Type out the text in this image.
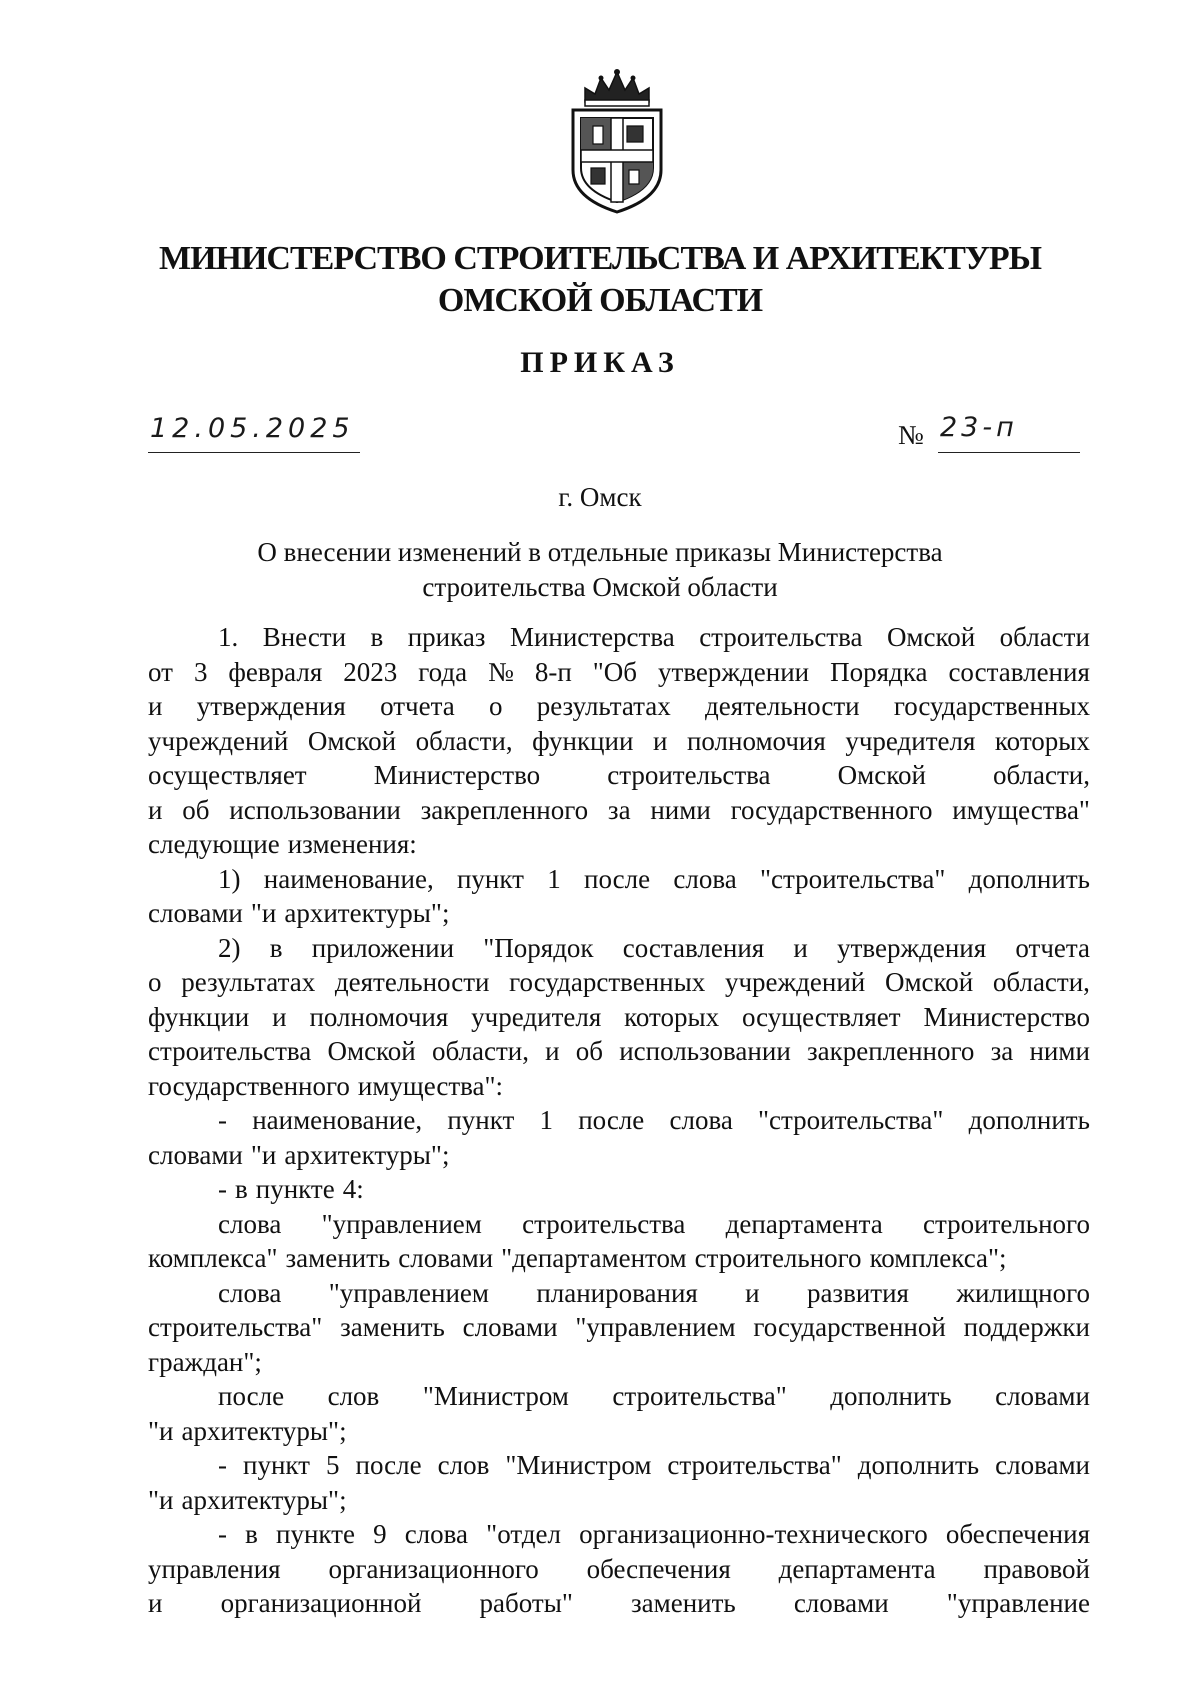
МИНИСТЕРСТВО СТРОИТЕЛЬСТВА И АРХИТЕКТУРЫ
ОМСКОЙ ОБЛАСТИ
ПРИКАЗ
12.05.2025	№ 23-п
г. Омск
О внесении изменений в отдельные приказы Министерства
строительства Омской области
1. Внести в приказ Министерства строительства Омской области
от 3 февраля 2023 года № 8-п "Об утверждении Порядка составления
и утверждения отчета о результатах деятельности государственных
учреждений Омской области, функции и полномочия учредителя которых
осуществляет Министерство строительства Омской области,
и об использовании закрепленного за ними государственного имущества"
следующие изменения:
1) наименование, пункт 1 после слова "строительства" дополнить
словами "и архитектуры";
2) в приложении "Порядок составления и утверждения отчета
о результатах деятельности государственных учреждений Омской области,
функции и полномочия учредителя которых осуществляет Министерство
строительства Омской области, и об использовании закрепленного за ними
государственного имущества":
- наименование, пункт 1 после слова "строительства" дополнить
словами "и архитектуры";
- в пункте 4:
слова "управлением строительства департамента строительного
комплекса" заменить словами "департаментом строительного комплекса";
слова "управлением планирования и развития жилищного
строительства" заменить словами "управлением государственной поддержки
граждан";
после слов "Министром строительства" дополнить словами
"и архитектуры";
- пункт 5 после слов "Министром строительства" дополнить словами
"и архитектуры";
- в пункте 9 слова "отдел организационно-технического обеспечения
управления организационного обеспечения департамента правовой
и организационной работы" заменить словами "управление
